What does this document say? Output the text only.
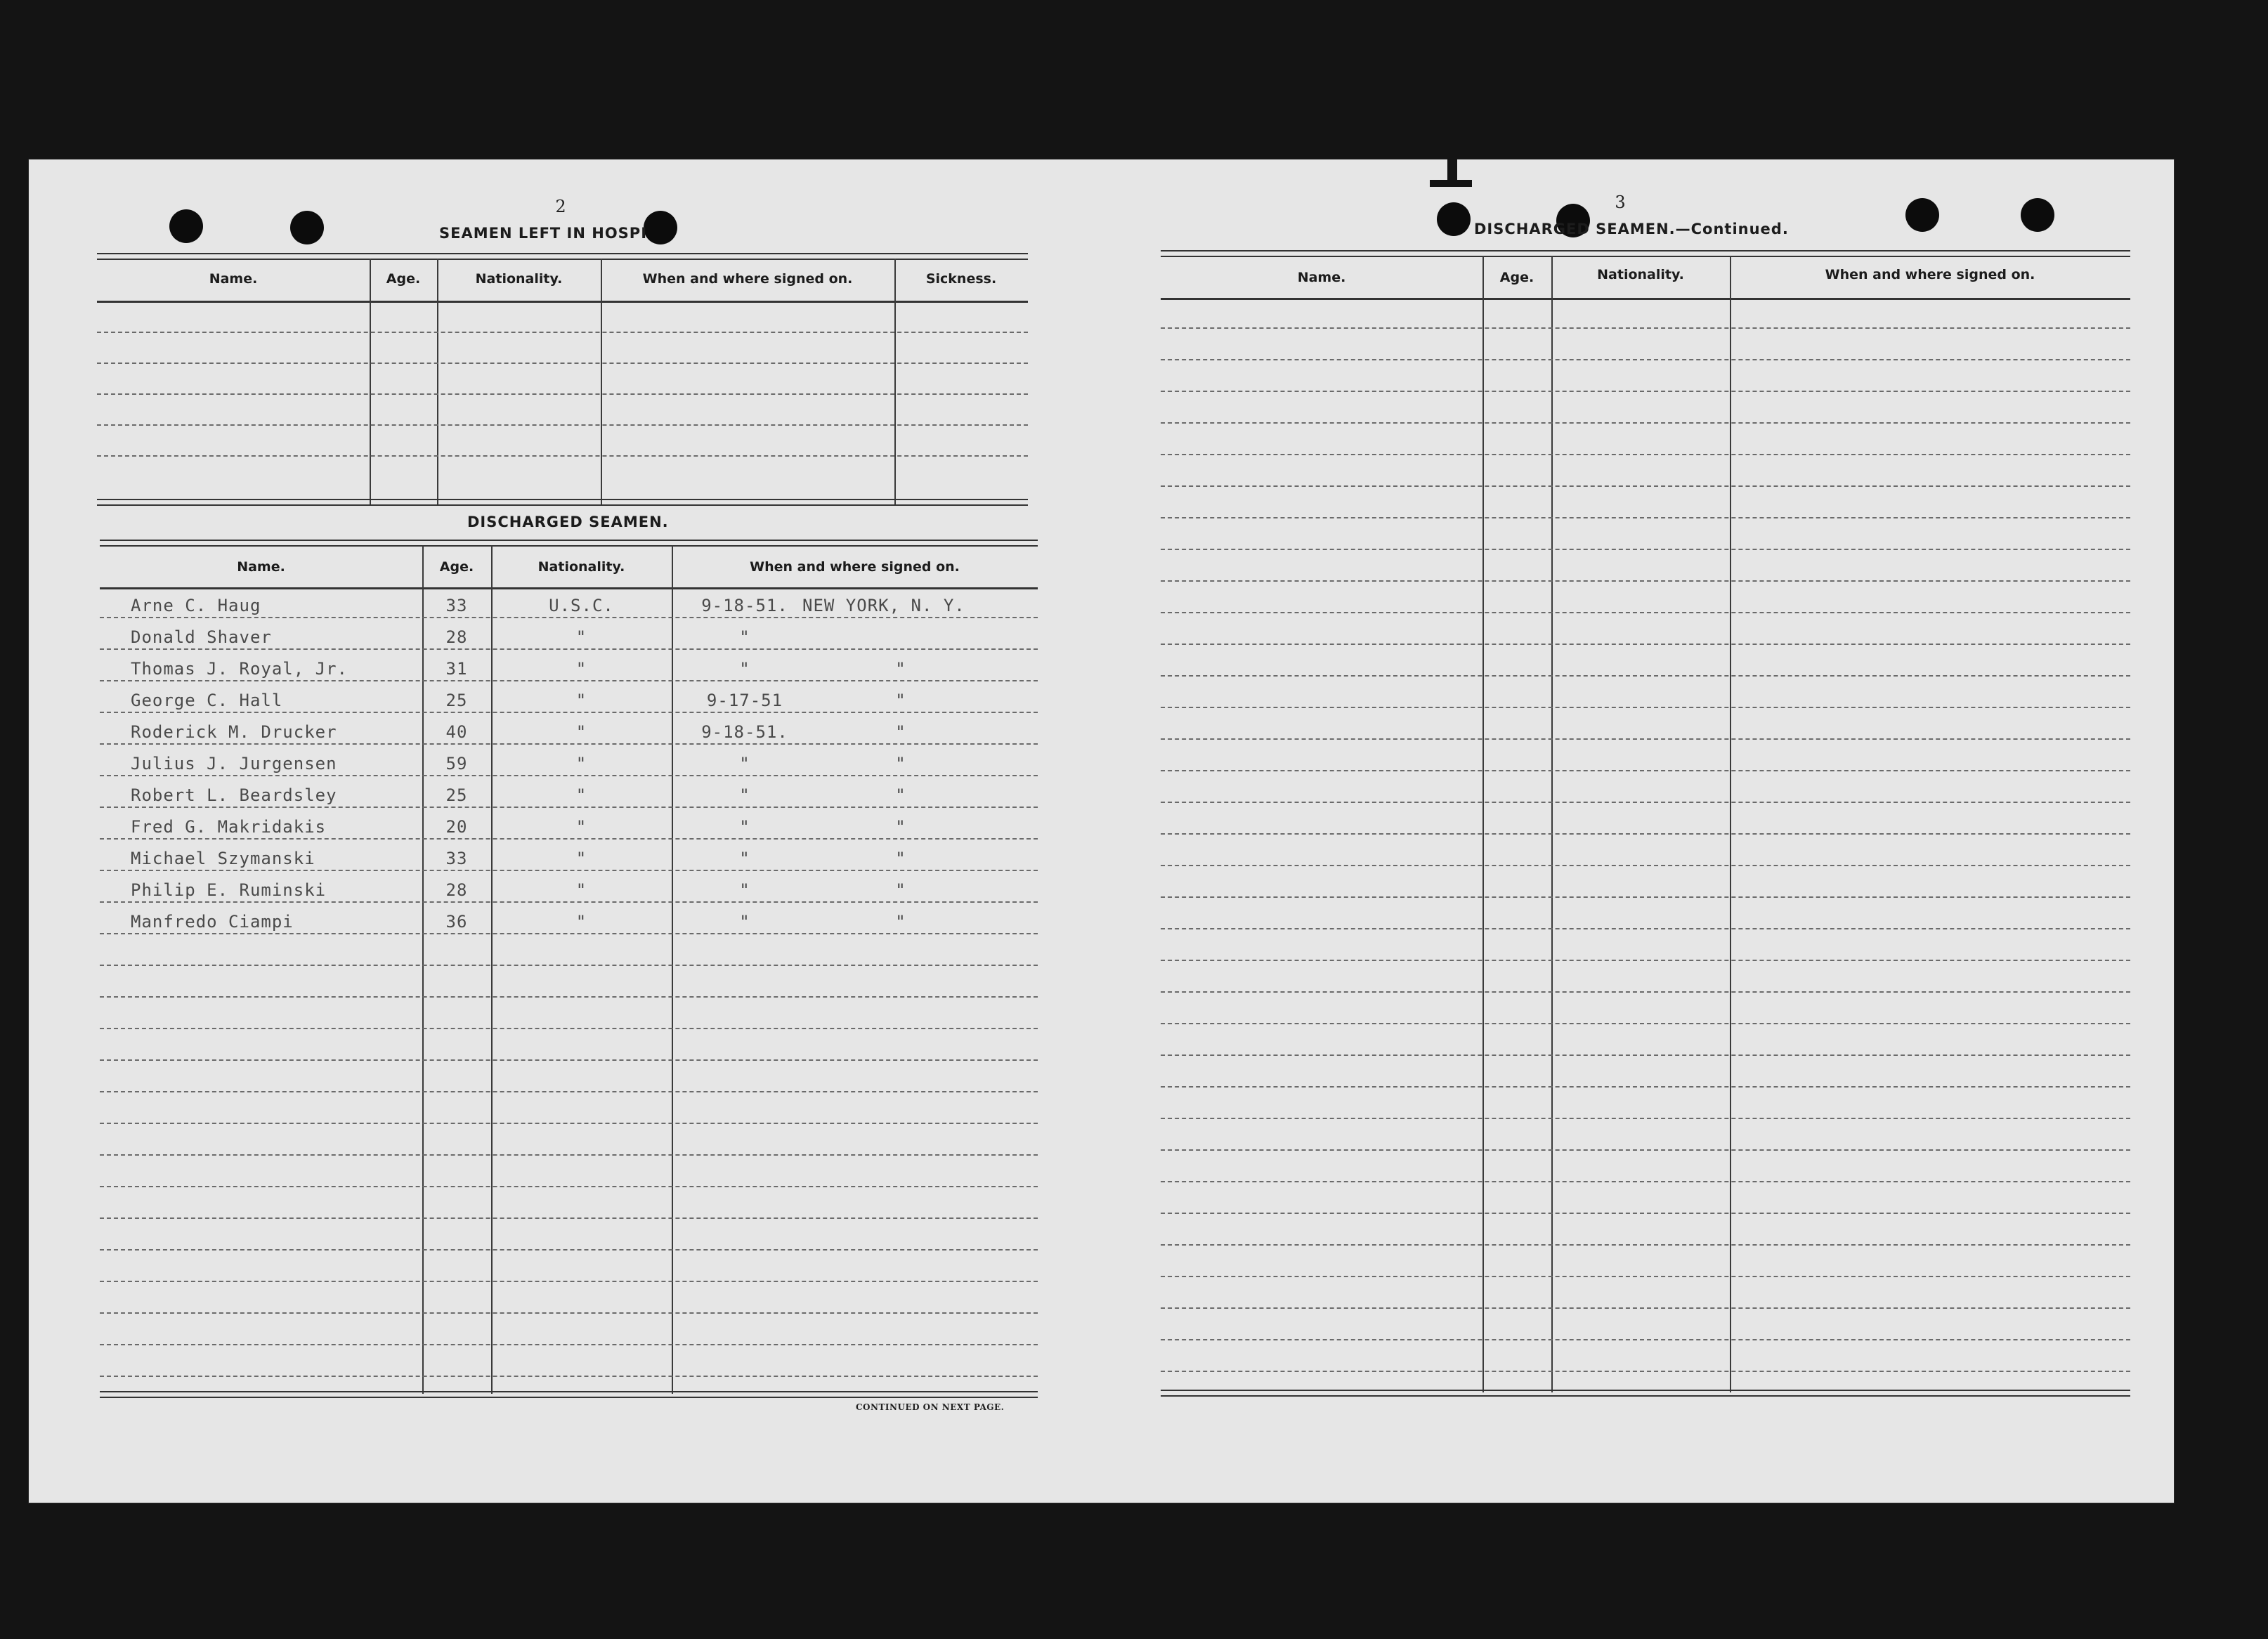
2
SEAMEN LEFT IN HOSPI
Name.	Age.	Nationality.	When and where signed on.	Sickness.
DISCHARGED SEAMEN.
Name.	Age.	Nationality.	When and where signed on.
Arne C. Haug	33	U.S.C.	9-18-51. NEW YORK, N. Y.
Donald Shaver	28	"	"
Thomas J. Royal, Jr.	31	"	"	"
George C. Hall	25	"	9-17-51	"
Roderick M. Drucker	40	"	9-18-51.	"
Julius J. Jurgensen	59	"	"	"
Robert L. Beardsley	25	"	"	"
Fred G. Makridakis	20	"	"	"
Michael Szymanski	33	"	"	"
Philip E. Ruminski	28	"	"	"
Manfredo Ciampi	36	"	"	"
CONTINUED ON NEXT PAGE.
3
DISCHARGED SEAMEN.—Continued.
Name.	Age.	Nationality.	When and where signed on.
